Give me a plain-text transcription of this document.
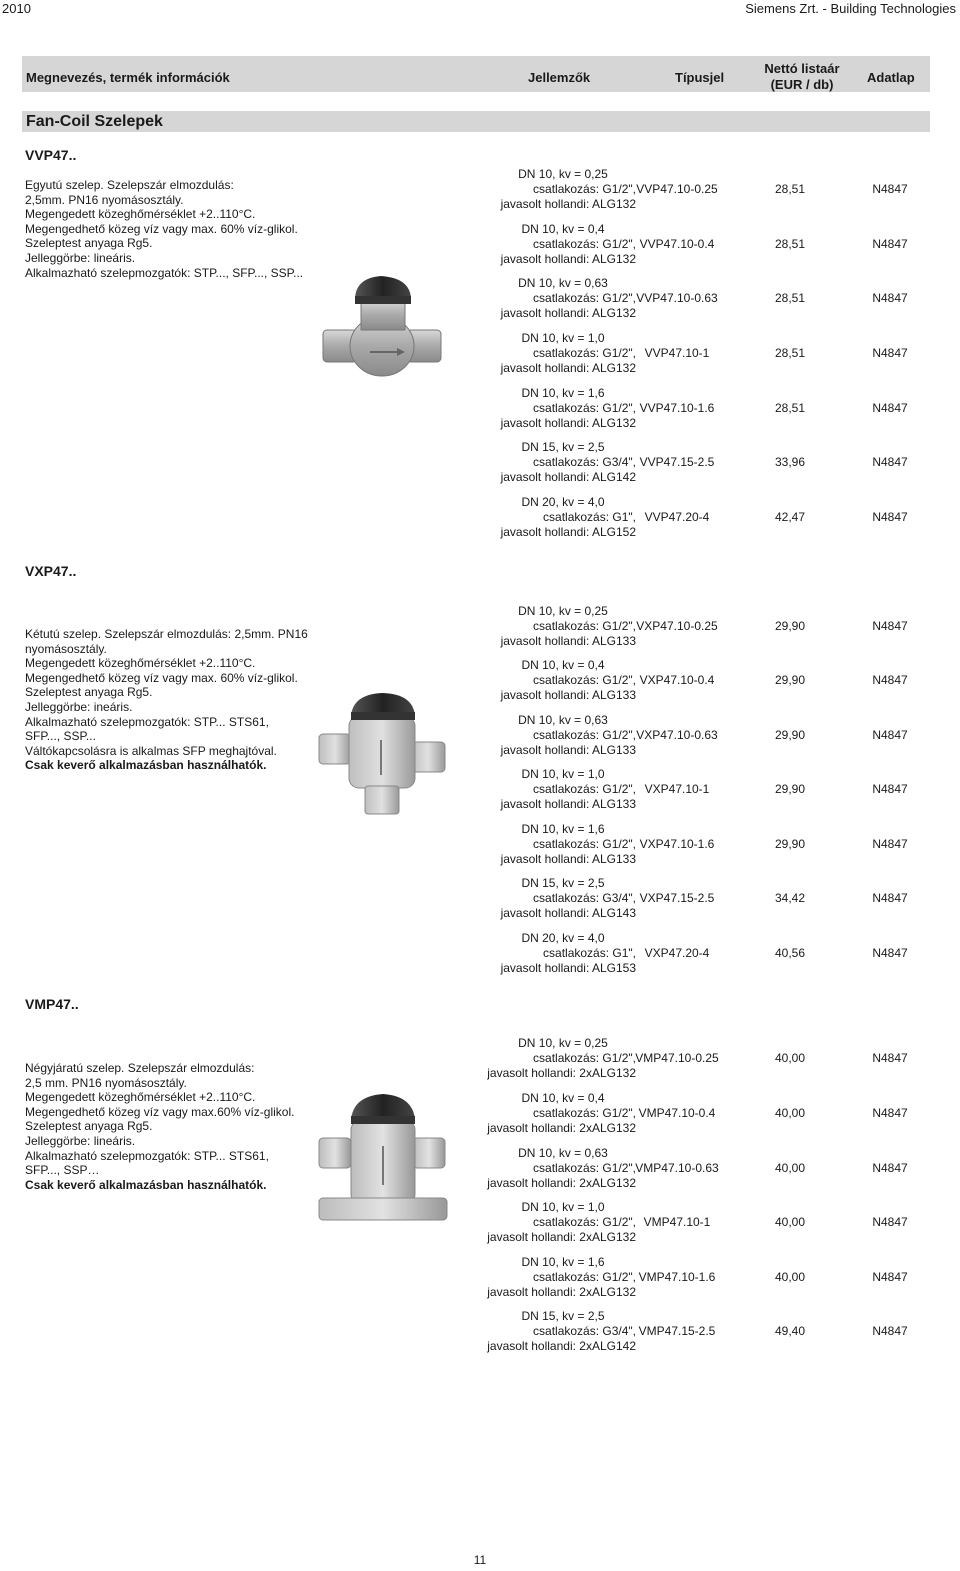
2010	Siemens Zrt. - Building Technologies
Megnevezés, termék információk	Jellemzők	Típusjel
Nettó listaár
(EUR / db)	Adatlap
Fan-Coil Szelepek
VVP47..
Egyutú szelep. Szelepszár elmozdulás:
2,5mm. PN16 nyomásosztály.
Megengedett közeghőmérséklet +2..110°C.
Megengedhető közeg víz vagy max. 60% víz-glikol.
Szeleptest anyaga Rg5.
Jelleggörbe: lineáris.
Alkalmazható szelepmozgatók: STP..., SFP..., SSP...
DN 10, kv = 0,25
csatlakozás: G1/2",
javasolt hollandi: ALG132
VVP47.10-0.25	28,51	N4847
DN 10, kv = 0,4
csatlakozás: G1/2",
javasolt hollandi: ALG132
VVP47.10-0.4	28,51	N4847
DN 10, kv = 0,63
csatlakozás: G1/2",
javasolt hollandi: ALG132
VVP47.10-0.63	28,51	N4847
DN 10, kv = 1,0
csatlakozás: G1/2",
javasolt hollandi: ALG132
VVP47.10-1	28,51	N4847
DN 10, kv = 1,6
csatlakozás: G1/2",
javasolt hollandi: ALG132
VVP47.10-1.6	28,51	N4847
DN 15, kv = 2,5
csatlakozás: G3/4",
javasolt hollandi: ALG142
VVP47.15-2.5	33,96	N4847
DN 20, kv = 4,0
csatlakozás: G1",
javasolt hollandi: ALG152
VVP47.20-4	42,47	N4847
VXP47..
Kétutú szelep. Szelepszár elmozdulás: 2,5mm. PN16
nyomásosztály.
Megengedett közeghőmérséklet +2..110°C.
Megengedhető közeg víz vagy max. 60% víz-glikol.
Szeleptest anyaga Rg5.
Jelleggörbe: ineáris.
Alkalmazható szelepmozgatók: STP... STS61,
SFP..., SSP...
Váltókapcsolásra is alkalmas SFP meghajtóval.
Csak keverő alkalmazásban használhatók.
DN 10, kv = 0,25
csatlakozás: G1/2",
javasolt hollandi: ALG133
VXP47.10-0.25	29,90	N4847
DN 10, kv = 0,4
csatlakozás: G1/2",
javasolt hollandi: ALG133
VXP47.10-0.4	29,90	N4847
DN 10, kv = 0,63
csatlakozás: G1/2",
javasolt hollandi: ALG133
VXP47.10-0.63	29,90	N4847
DN 10, kv = 1,0
csatlakozás: G1/2",
javasolt hollandi: ALG133
VXP47.10-1	29,90	N4847
DN 10, kv = 1,6
csatlakozás: G1/2",
javasolt hollandi: ALG133
VXP47.10-1.6	29,90	N4847
DN 15, kv = 2,5
csatlakozás: G3/4",
javasolt hollandi: ALG143
VXP47.15-2.5	34,42	N4847
DN 20, kv = 4,0
csatlakozás: G1",
javasolt hollandi: ALG153
VXP47.20-4	40,56	N4847
VMP47..
Négyjáratú szelep. Szelepszár elmozdulás:
2,5 mm. PN16 nyomásosztály.
Megengedett közeghőmérséklet +2..110°C.
Megengedhető közeg víz vagy max.60% víz-glikol.
Szeleptest anyaga Rg5.
Jelleggörbe: lineáris.
Alkalmazható szelepmozgatók: STP... STS61,
SFP..., SSP…
Csak keverő alkalmazásban használhatók.
DN 10, kv = 0,25
csatlakozás: G1/2",
javasolt hollandi: 2xALG132
VMP47.10-0.25	40,00	N4847
DN 10, kv = 0,4
csatlakozás: G1/2",
javasolt hollandi: 2xALG132
VMP47.10-0.4	40,00	N4847
DN 10, kv = 0,63
csatlakozás: G1/2",
javasolt hollandi: 2xALG132
VMP47.10-0.63	40,00	N4847
DN 10, kv = 1,0
csatlakozás: G1/2",
javasolt hollandi: 2xALG132
VMP47.10-1	40,00	N4847
DN 10, kv = 1,6
csatlakozás: G1/2",
javasolt hollandi: 2xALG132
VMP47.10-1.6	40,00	N4847
DN 15, kv = 2,5
csatlakozás: G3/4",
javasolt hollandi: 2xALG142
VMP47.15-2.5	49,40	N4847
11
